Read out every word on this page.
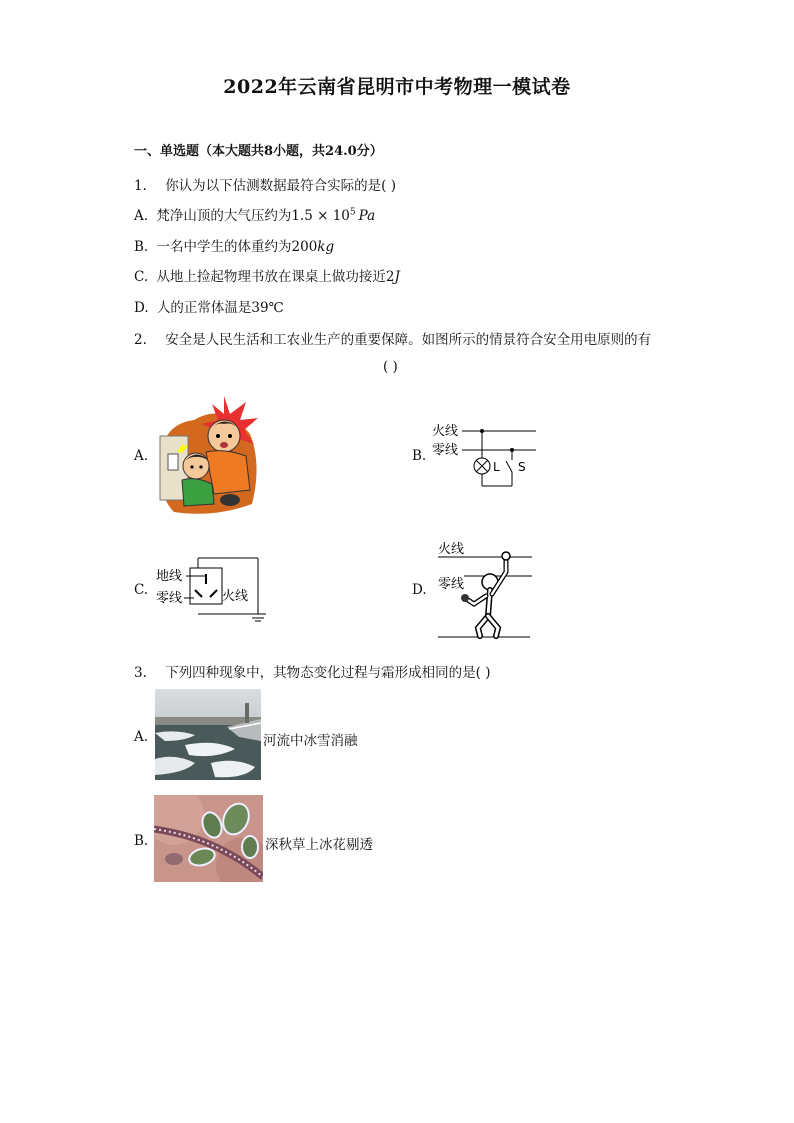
2022年云南省昆明市中考物理一模试卷
一、单选题（本大题共8小题，共24.0分）
1. 你认为以下估测数据最符合实际的是( )
A. 梵净山顶的大气压约为$1.5 \times 10^5$ Pa
B. 一名中学生的体重约为200kg
C. 从地上捡起物理书放在课桌上做功接近2J
D. 人的正常体温是39℃
2. 安全是人民生活和工农业生产的重要保障。如图所示的情景符合安全用电原则的有
( )
A.	B.
火线
零线
L S
C.
地线
零线	火线	D.
火线
零线
3. 下列四种现象中，其物态变化过程与霜形成相同的是( )
A.	河流中冰雪消融
B.	深秋草上冰花剔透
